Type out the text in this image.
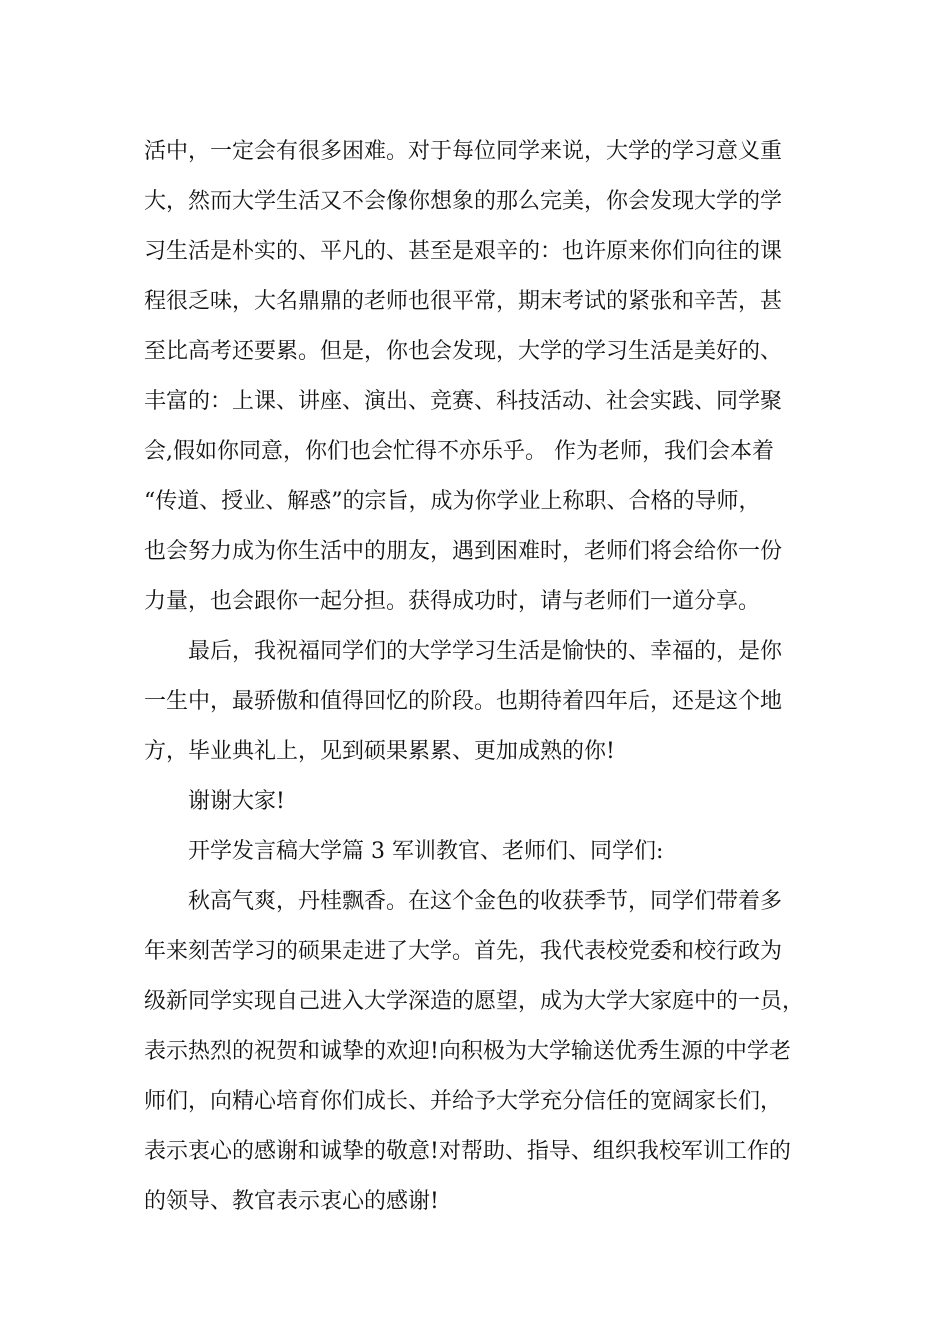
活中，一定会有很多困难。对于每位同学来说，大学的学习意义重
大，然而大学生活又不会像你想象的那么完美，你会发现大学的学
习生活是朴实的、平凡的、甚至是艰辛的：也许原来你们向往的课
程很乏味，大名鼎鼎的老师也很平常，期末考试的紧张和辛苦，甚
至比高考还要累。但是，你也会发现，大学的学习生活是美好的、
丰富的：上课、讲座、演出、竞赛、科技活动、社会实践、同学聚
会,假如你同意，你们也会忙得不亦乐乎。 作为老师，我们会本着
“传道、授业、解惑”的宗旨，成为你学业上称职、合格的导师，
也会努力成为你生活中的朋友，遇到困难时，老师们将会给你一份
力量，也会跟你一起分担。获得成功时，请与老师们一道分享。
最后，我祝福同学们的大学学习生活是愉快的、幸福的，是你
一生中，最骄傲和值得回忆的阶段。也期待着四年后，还是这个地
方，毕业典礼上，见到硕果累累、更加成熟的你!
谢谢大家!
开学发言稿大学篇 3 军训教官、老师们、同学们:
秋高气爽，丹桂飘香。在这个金色的收获季节，同学们带着多
年来刻苦学习的硕果走进了大学。首先，我代表校党委和校行政为
级新同学实现自己进入大学深造的愿望，成为大学大家庭中的一员，
表示热烈的祝贺和诚挚的欢迎!向积极为大学输送优秀生源的中学老
师们，向精心培育你们成长、并给予大学充分信任的宽阔家长们，
表示衷心的感谢和诚挚的敬意!对帮助、指导、组织我校军训工作的
的领导、教官表示衷心的感谢!
